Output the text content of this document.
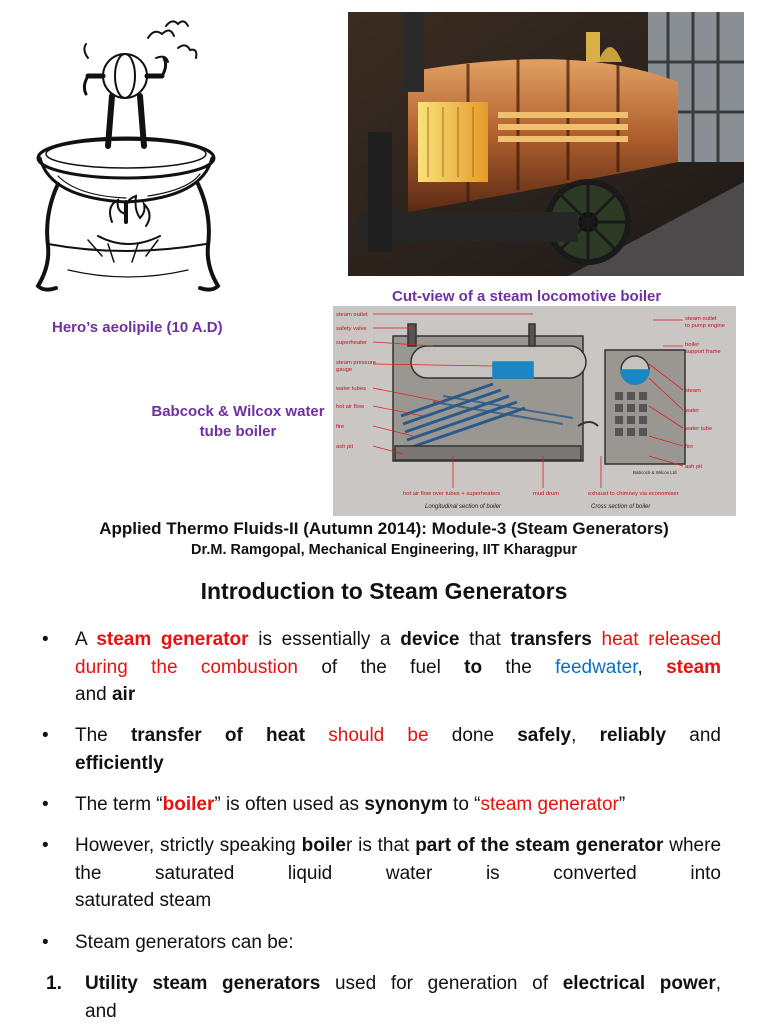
steam outlet
safety valve
superheater
steam pressure
gauge
water tubes
hot air flow
fire
ash pit
steam outlet
to pump engine
boiler
support frame
steam
water
water tube
fire
ash pit
hot air flow over tubes + superheaters	mud drum	exhaust to chimney via economiser
Longitudinal section of boiler	Cross section of boiler
Babcock & Wilcox Ltd
Cut-view of a steam locomotive boiler
Hero’s aeolipile (10 A.D)
Babcock & Wilcox water
tube boiler
Applied Thermo Fluids-II (Autumn 2014): Module-3 (Steam Generators)
Dr.M. Ramgopal, Mechanical Engineering, IIT Kharagpur
Introduction to Steam Generators
•	A steam generator is essentially a device that transfers heat released during the combustion of the fuel to the feedwater, steam
and air
•	The transfer of heat should be done safely, reliably and
efficiently
•	The term “boiler” is often used as synonym to “steam generator”
•	However, strictly speaking boiler is that part of the steam generator where the saturated liquid water is converted into
saturated steam
•	Steam generators can be:
1. Utility steam generators used for generation of electrical power,
and
